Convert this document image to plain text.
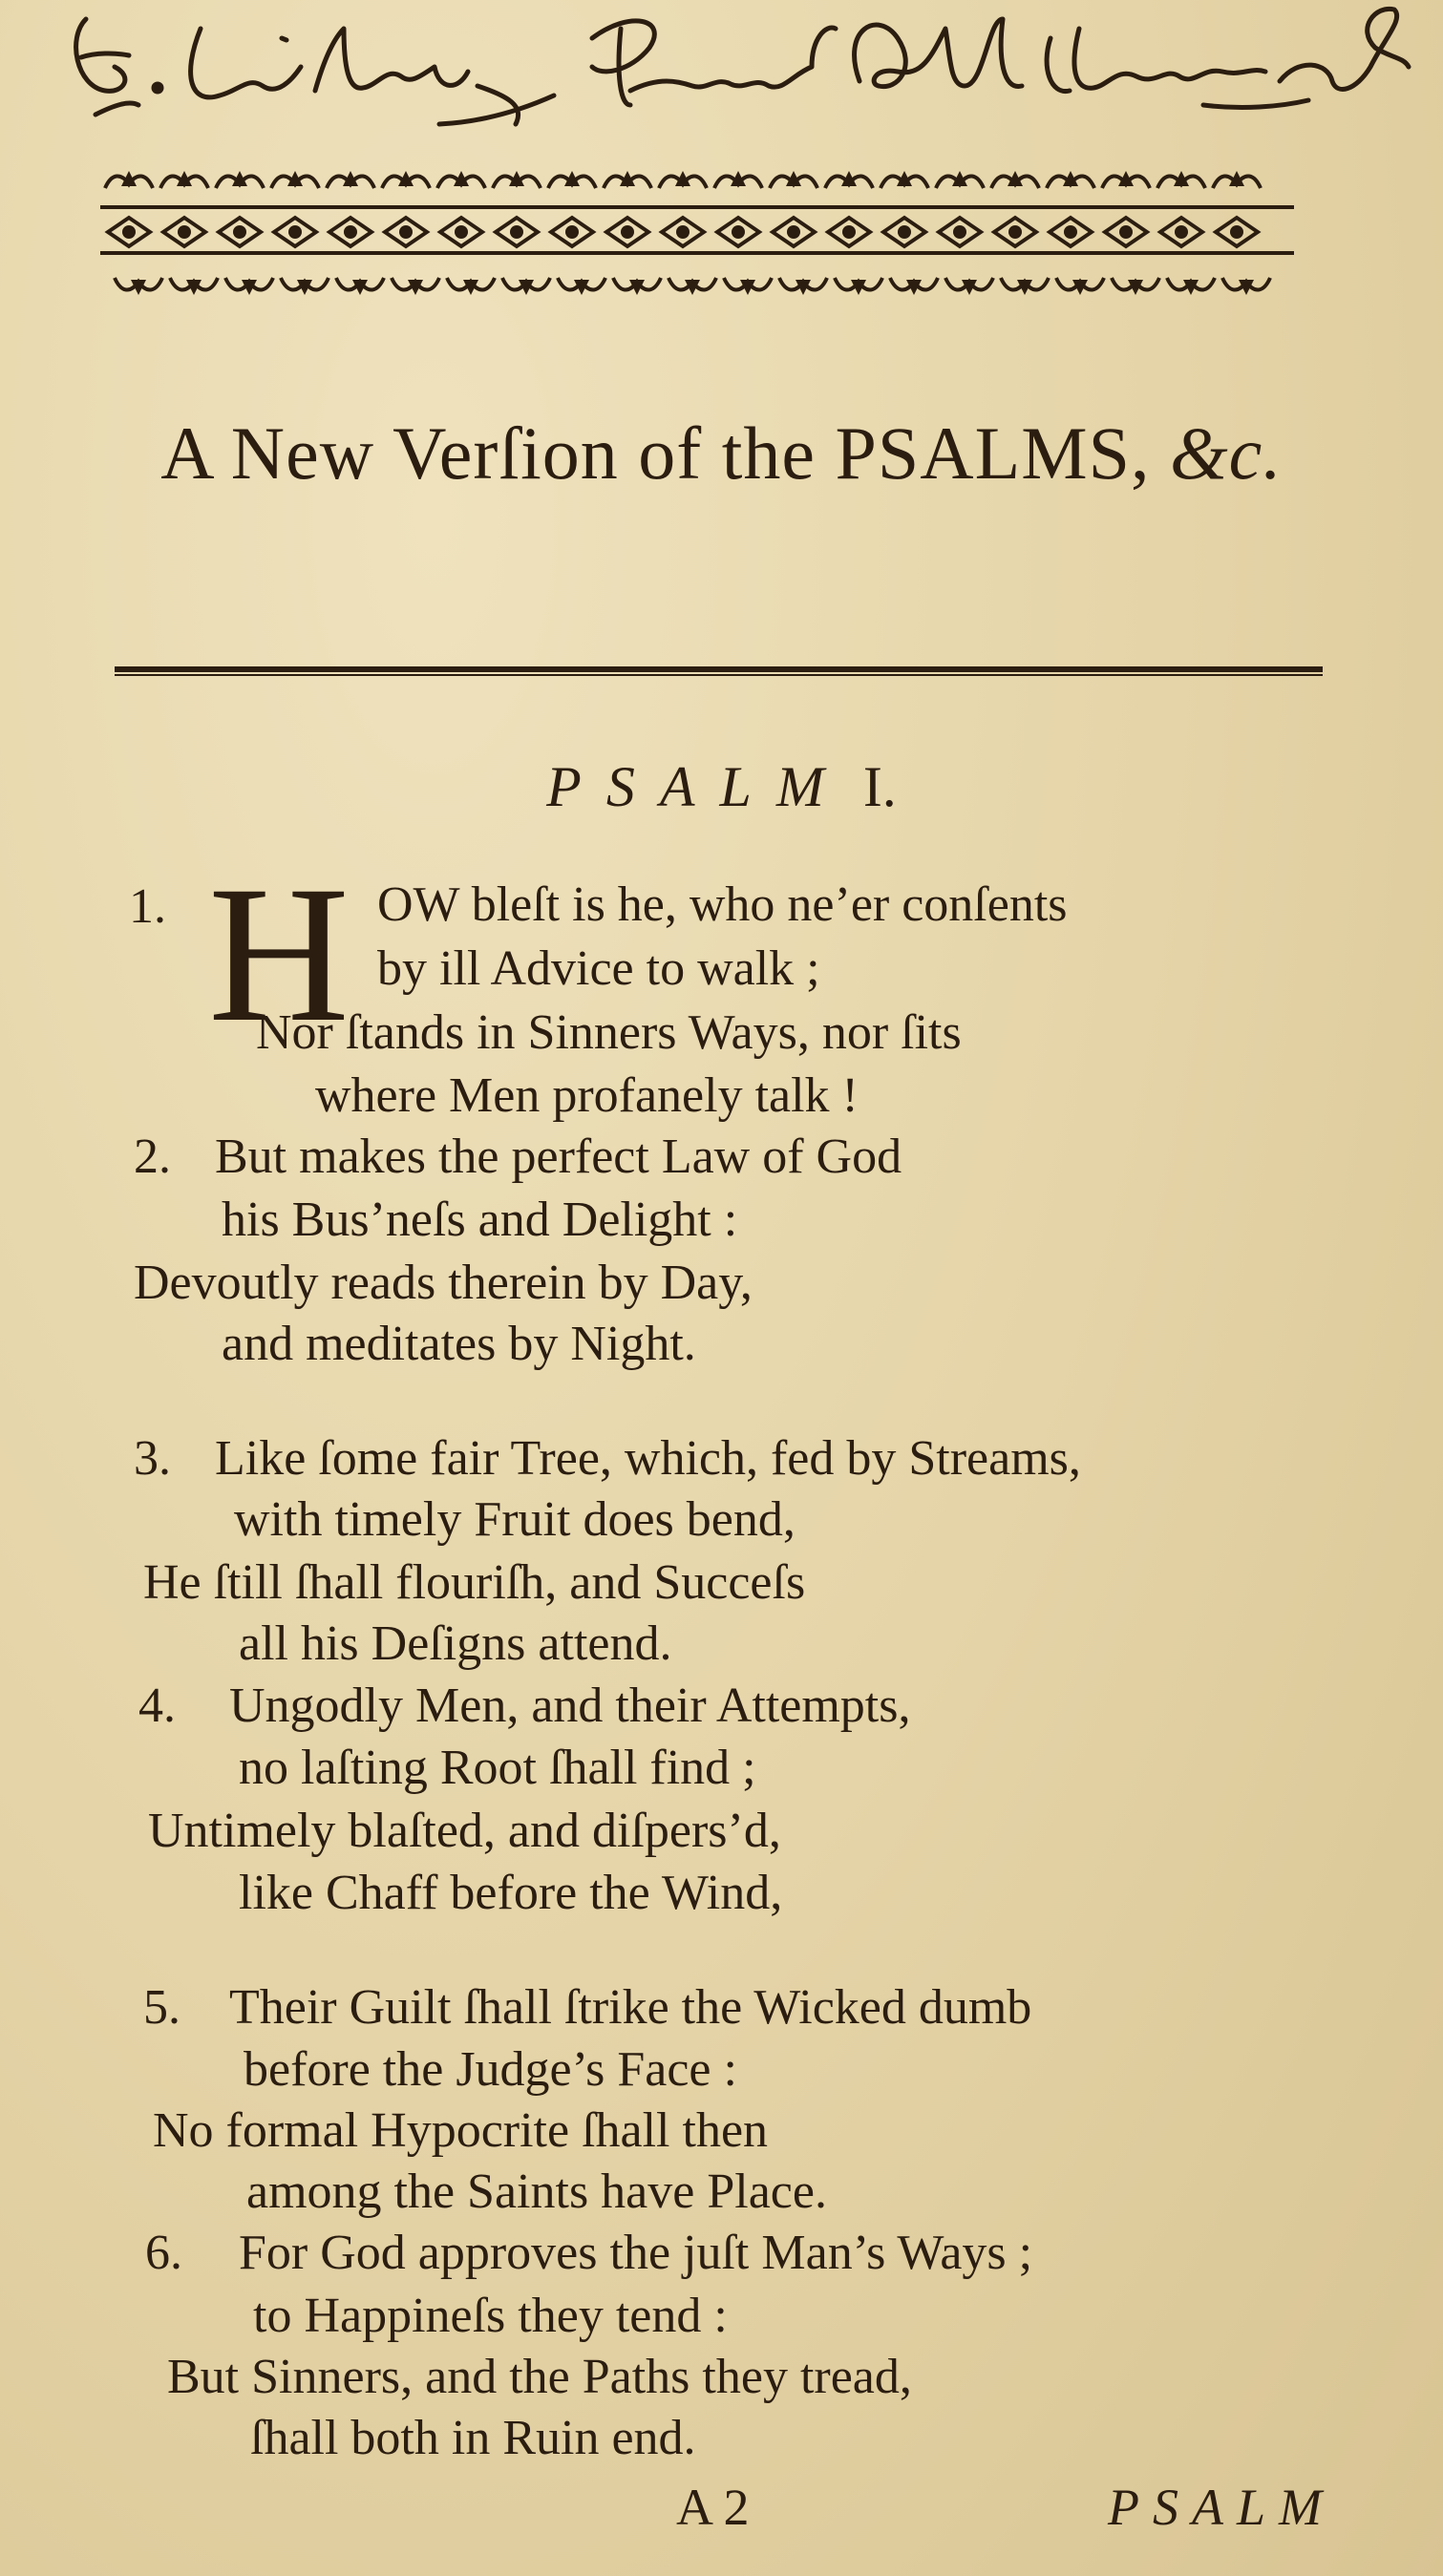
A New Verſion of the PSALMS, &c.
PSALM I.
H
1.
2.
3.
4.
5.
6.
OW bleſt is he, who ne’er conſents
by ill Advice to walk ;
Nor ſtands in Sinners Ways, nor ſits
where Men profanely talk !
But makes the perfect Law of God
his Bus’neſs and Delight :
Devoutly reads therein by Day,
and meditates by Night.
Like ſome fair Tree, which, fed by Streams,
with timely Fruit does bend,
He ſtill ſhall flouriſh, and Succeſs
all his Deſigns attend.
Ungodly Men, and their Attempts,
no laſting Root ſhall find ;
Untimely blaſted, and diſpers’d,
like Chaff before the Wind,
Their Guilt ſhall ſtrike the Wicked dumb
before the Judge’s Face :
No formal Hypocrite ſhall then
among the Saints have Place.
For God approves the juſt Man’s Ways ;
to Happineſs they tend :
But Sinners, and the Paths they tread,
ſhall both in Ruin end.
A 2	PSALM
